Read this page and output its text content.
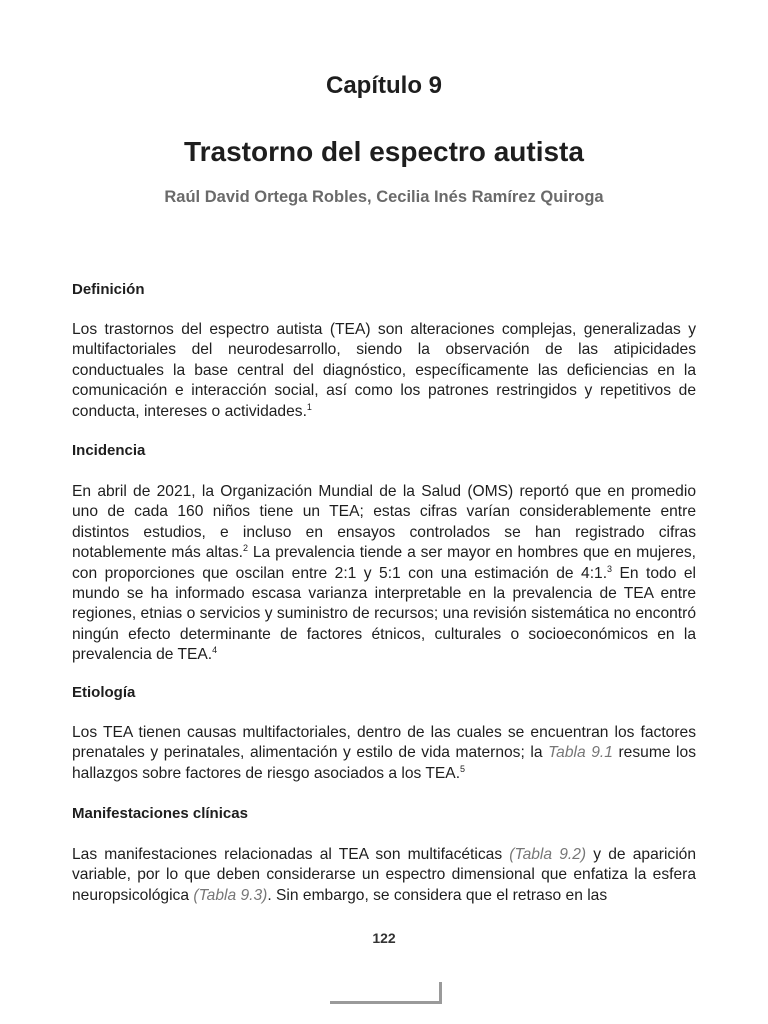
Capítulo 9
Trastorno del espectro autista
Raúl David Ortega Robles, Cecilia Inés Ramírez Quiroga
Definición
Los trastornos del espectro autista (TEA) son alteraciones complejas, generalizadas y multifactoriales del neurodesarrollo, siendo la observación de las atipicidades conductuales la base central del diagnóstico, específicamente las deficiencias en la comunicación e interacción social, así como los patrones restringidos y repetitivos de conducta, intereses o actividades.$^1$
Incidencia
En abril de 2021, la Organización Mundial de la Salud (OMS) reportó que en promedio uno de cada 160 niños tiene un TEA; estas cifras varían considerablemente entre distintos estudios, e incluso en ensayos controlados se han registrado cifras notablemente más altas.$^2$ La prevalencia tiende a ser mayor en hombres que en mujeres, con proporciones que oscilan entre 2:1 y 5:1 con una estimación de 4:1.$^3$ En todo el mundo se ha informado escasa varianza interpretable en la prevalencia de TEA entre regiones, etnias o servicios y suministro de recursos; una revisión sistemática no encontró ningún efecto determinante de factores étnicos, culturales o socioeconómicos en la prevalencia de TEA.$^4$
Etiología
Los TEA tienen causas multifactoriales, dentro de las cuales se encuentran los factores prenatales y perinatales, alimentación y estilo de vida maternos; la Tabla 9.1 resume los hallazgos sobre factores de riesgo asociados a los TEA.$^5$
Manifestaciones clínicas
Las manifestaciones relacionadas al TEA son multifacéticas (Tabla 9.2) y de aparición variable, por lo que deben considerarse un espectro dimensional que enfatiza la esfera neuropsicológica (Tabla 9.3). Sin embargo, se considera que el retraso en las
122
